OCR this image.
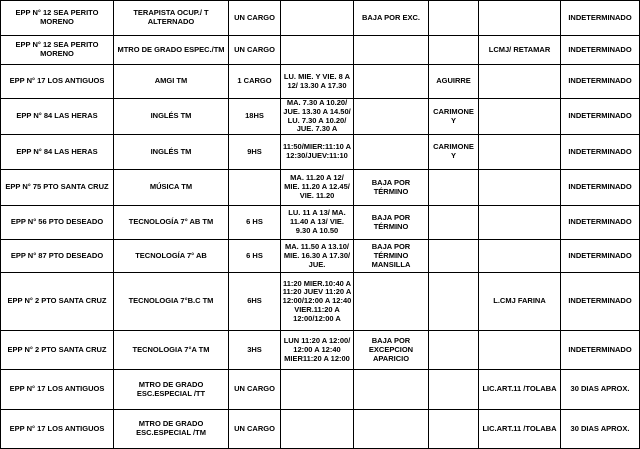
EPP N° 12 SEA PERITO MORENO	TERAPISTA OCUP./ T ALTERNADO	UN CARGO		BAJA POR EXC.			INDETERMINADO
EPP N° 12 SEA PERITO MORENO	MTRO DE GRADO ESPEC./TM	UN CARGO				LCMJ/ RETAMAR	INDETERMINADO
EPP N° 17 LOS ANTIGUOS	AMGI TM	1 CARGO	LU. MIE. Y VIE. 8 A 12/ 13.30 A 17.30		AGUIRRE		INDETERMINADO
EPP N° 84 LAS HERAS	INGLÉS TM	18HS	MA. 7.30 A 10.20/ JUE. 13.30 A 14.50/ LU. 7.30 A 10.20/ JUE. 7.30 A		CARIMONE Y		INDETERMINADO
EPP N° 84 LAS HERAS	INGLÉS TM	9HS	11:50/MIER:11:10 A 12:30/JUEV:11:10		CARIMONE Y		INDETERMINADO
EPP N° 75 PTO SANTA CRUZ	MÚSICA TM		MA. 11.20 A 12/ MIE. 11.20 A 12.45/ VIE. 11.20	BAJA POR TÉRMINO			INDETERMINADO
EPP N° 56 PTO DESEADO	TECNOLOGÍA 7° AB TM	6 HS	LU. 11 A 13/ MA. 11.40 A 13/ VIE. 9.30 A 10.50	BAJA POR TÉRMINO			INDETERMINADO
EPP N° 87 PTO DESEADO	TECNOLOGÍA 7° AB	6 HS	MA. 11.50 A 13.10/ MIE. 16.30 A 17.30/ JUE.	BAJA POR TÉRMINO MANSILLA			INDETERMINADO
EPP N° 2 PTO SANTA CRUZ	TECNOLOGIA 7°B.C TM	6HS	11:20 MIER.10:40 A 11:20 JUEV 11:20 A 12:00/12:00 A 12:40 VIER.11:20 A 12:00/12:00 A			L.CMJ FARINA	INDETERMINADO
EPP N° 2 PTO SANTA CRUZ	TECNOLOGIA 7°A TM	3HS	LUN 11:20 A 12:00/ 12:00 A 12:40 MIER11:20 A 12:00	BAJA POR EXCEPCION APARICIO			INDETERMINADO
EPP N° 17 LOS ANTIGUOS	MTRO DE GRADO ESC.ESPECIAL /TT	UN CARGO				LIC.ART.11 /TOLABA	30 DIAS APROX.
EPP N° 17 LOS ANTIGUOS	MTRO DE GRADO ESC.ESPECIAL /TM	UN CARGO				LIC.ART.11 /TOLABA	30 DIAS APROX.
